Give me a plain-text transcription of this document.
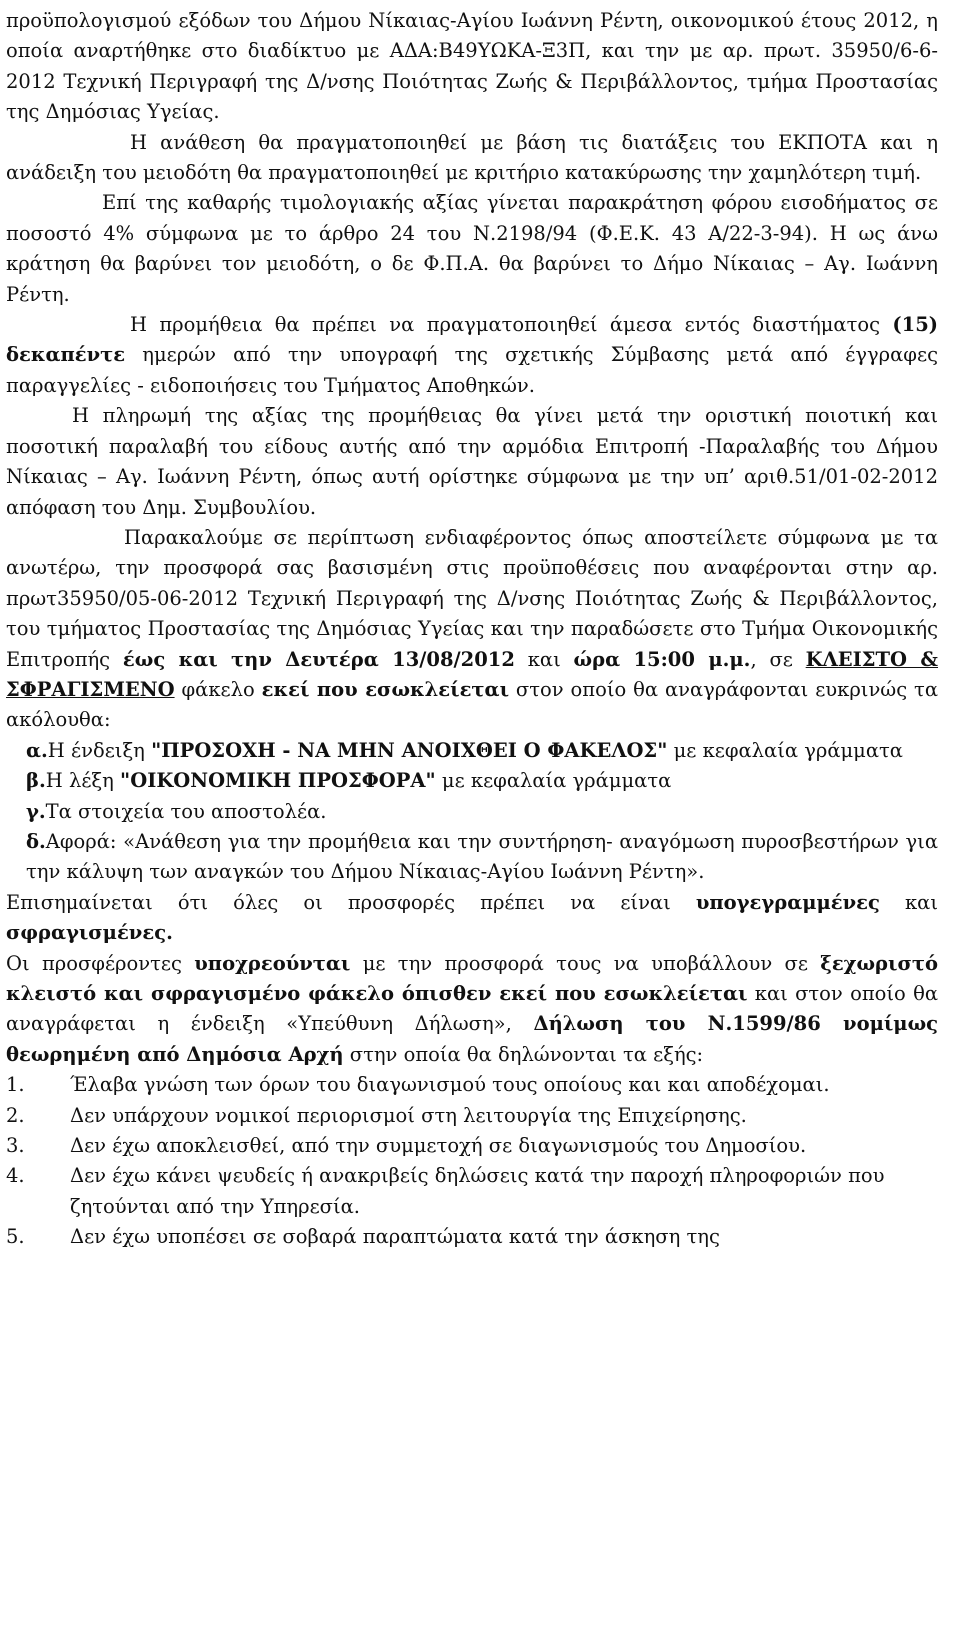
προϋπολογισμού εξόδων του Δήμου Νίκαιας-Αγίου Ιωάννη Ρέντη, οικονομικού έτους 2012, η οποία αναρτήθηκε στο διαδίκτυο με ΑΔΑ:Β49ΥΩΚΑ-Ξ3Π, και την με αρ. πρωτ. 35950/6-6-2012 Τεχνική Περιγραφή της Δ/νσης Ποιότητας Ζωής & Περιβάλλοντος, τμήμα Προστασίας της Δημόσιας Υγείας.

Η ανάθεση θα πραγματοποιηθεί με βάση τις διατάξεις του ΕΚΠΟΤΑ και η ανάδειξη του μειοδότη θα πραγματοποιηθεί με κριτήριο κατακύρωσης την χαμηλότερη τιμή.

Επί της καθαρής τιμολογιακής αξίας γίνεται παρακράτηση φόρου εισοδήματος σε ποσοστό 4% σύμφωνα με το άρθρο 24 του Ν.2198/94 (Φ.Ε.Κ. 43 Α/22-3-94). Η ως άνω κράτηση θα βαρύνει τον μειοδότη, ο δε Φ.Π.Α. θα βαρύνει το Δήμο Νίκαιας – Αγ. Ιωάννη Ρέντη.

Η προμήθεια θα πρέπει να πραγματοποιηθεί άμεσα εντός διαστήματος (15) δεκαπέντε ημερών από την υπογραφή της σχετικής Σύμβασης μετά από έγγραφες παραγγελίες - ειδοποιήσεις του Τμήματος Αποθηκών.

Η πληρωμή της αξίας της προμήθειας θα γίνει μετά την οριστική ποιοτική και ποσοτική παραλαβή του είδους αυτής από την αρμόδια Επιτροπή -Παραλαβής του Δήμου Νίκαιας – Αγ. Ιωάννη Ρέντη, όπως αυτή ορίστηκε σύμφωνα με την υπ’ αριθ.51/01-02-2012 απόφαση του Δημ. Συμβουλίου.

Παρακαλούμε σε περίπτωση ενδιαφέροντος όπως αποστείλετε σύμφωνα με τα ανωτέρω, την προσφορά σας βασισμένη στις προϋποθέσεις που αναφέρονται στην αρ. πρωτ35950/05-06-2012 Τεχνική Περιγραφή της Δ/νσης Ποιότητας Ζωής & Περιβάλλοντος, του τμήματος Προστασίας της Δημόσιας Υγείας και την παραδώσετε στο Τμήμα Οικονομικής Επιτροπής έως και την Δευτέρα 13/08/2012 και ώρα 15:00 μ.μ., σε ΚΛΕΙΣΤΟ & ΣΦΡΑΓΙΣΜΕΝΟ φάκελο εκεί που εσωκλείεται στον οποίο θα αναγράφονται ευκρινώς τα ακόλουθα:

α.Η ένδειξη "ΠΡΟΣΟΧΗ - ΝΑ ΜΗΝ ΑΝΟΙΧΘΕΙ Ο ΦΑΚΕΛΟΣ" με κεφαλαία γράμματα

β.Η λέξη "ΟΙΚΟΝΟΜΙΚΗ ΠΡΟΣΦΟΡΑ" με κεφαλαία γράμματα

γ.Τα στοιχεία του αποστολέα.

δ.Αφορά: «Ανάθεση για την προμήθεια και την συντήρηση- αναγόμωση πυροσβεστήρων για την κάλυψη των αναγκών του Δήμου Νίκαιας-Αγίου Ιωάννη Ρέντη».

Επισημαίνεται ότι όλες οι προσφορές πρέπει να είναι υπογεγραμμένες και σφραγισμένες.

Οι προσφέροντες υποχρεούνται με την προσφορά τους να υποβάλλουν σε ξεχωριστό κλειστό και σφραγισμένο φάκελο όπισθεν εκεί που εσωκλείεται και στον οποίο θα αναγράφεται η ένδειξη «Υπεύθυνη Δήλωση», Δήλωση του Ν.1599/86 νομίμως θεωρημένη από Δημόσια Αρχή στην οποία θα δηλώνονται τα εξής:

1. Έλαβα γνώση των όρων του διαγωνισμού τους οποίους και και αποδέχομαι.
2. Δεν υπάρχουν νομικοί περιορισμοί στη λειτουργία της Επιχείρησης.
3. Δεν έχω αποκλεισθεί, από την συμμετοχή σε διαγωνισμούς του Δημοσίου.
4. Δεν έχω κάνει ψευδείς ή ανακριβείς δηλώσεις κατά την παροχή πληροφοριών που ζητούνται από την Υπηρεσία.
5. Δεν έχω υποπέσει σε σοβαρά παραπτώματα κατά την άσκηση της
